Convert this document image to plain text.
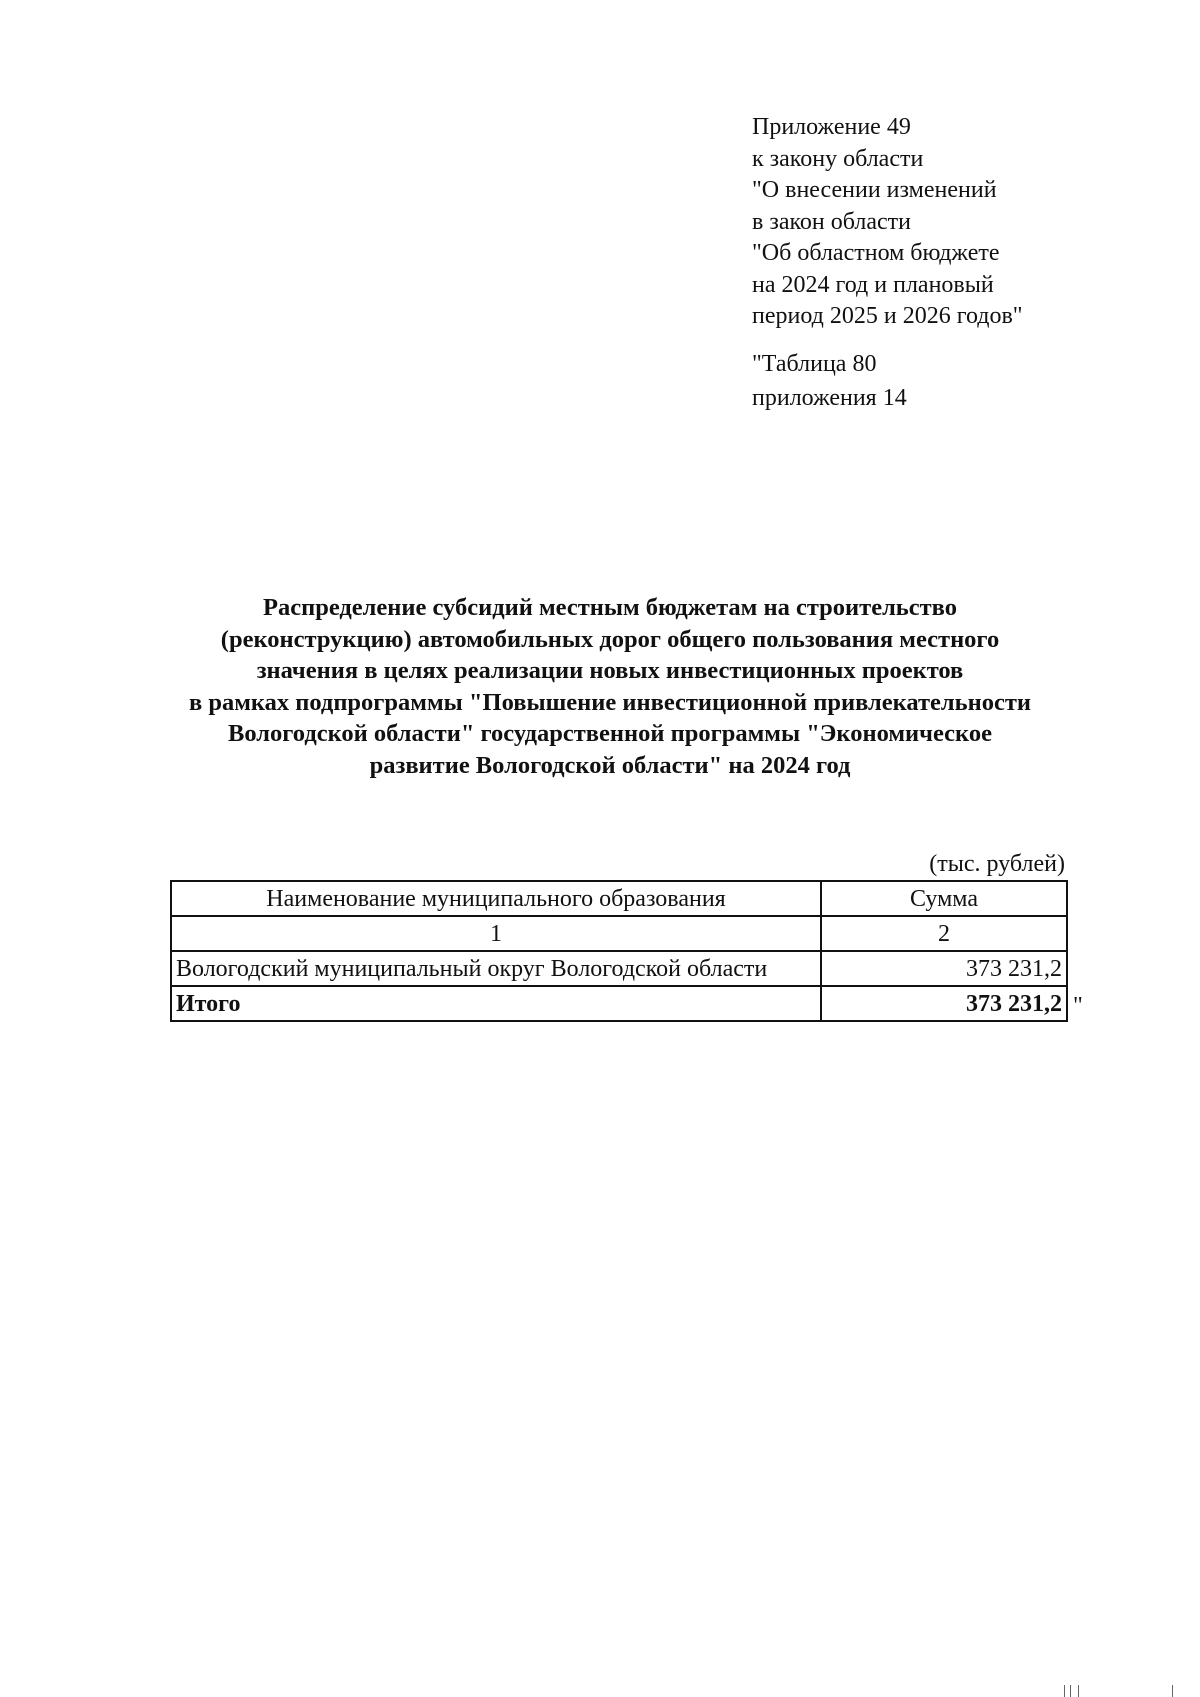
Приложение 49
к закону области
"О внесении изменений
в закон области
"Об областном бюджете
на 2024 год и плановый
период 2025 и 2026 годов"
"Таблица 80
приложения 14
Распределение субсидий местным бюджетам на строительство
(реконструкцию) автомобильных дорог общего пользования местного
значения в целях реализации новых инвестиционных проектов
в рамках подпрограммы "Повышение инвестиционной привлекательности
Вологодской области" государственной программы "Экономическое
развитие Вологодской области" на 2024 год
(тыс. рублей)
Наименование муниципального образования	Сумма
1	2
Вологодский муниципальный округ Вологодской области	373 231,2
Итого	373 231,2 "
